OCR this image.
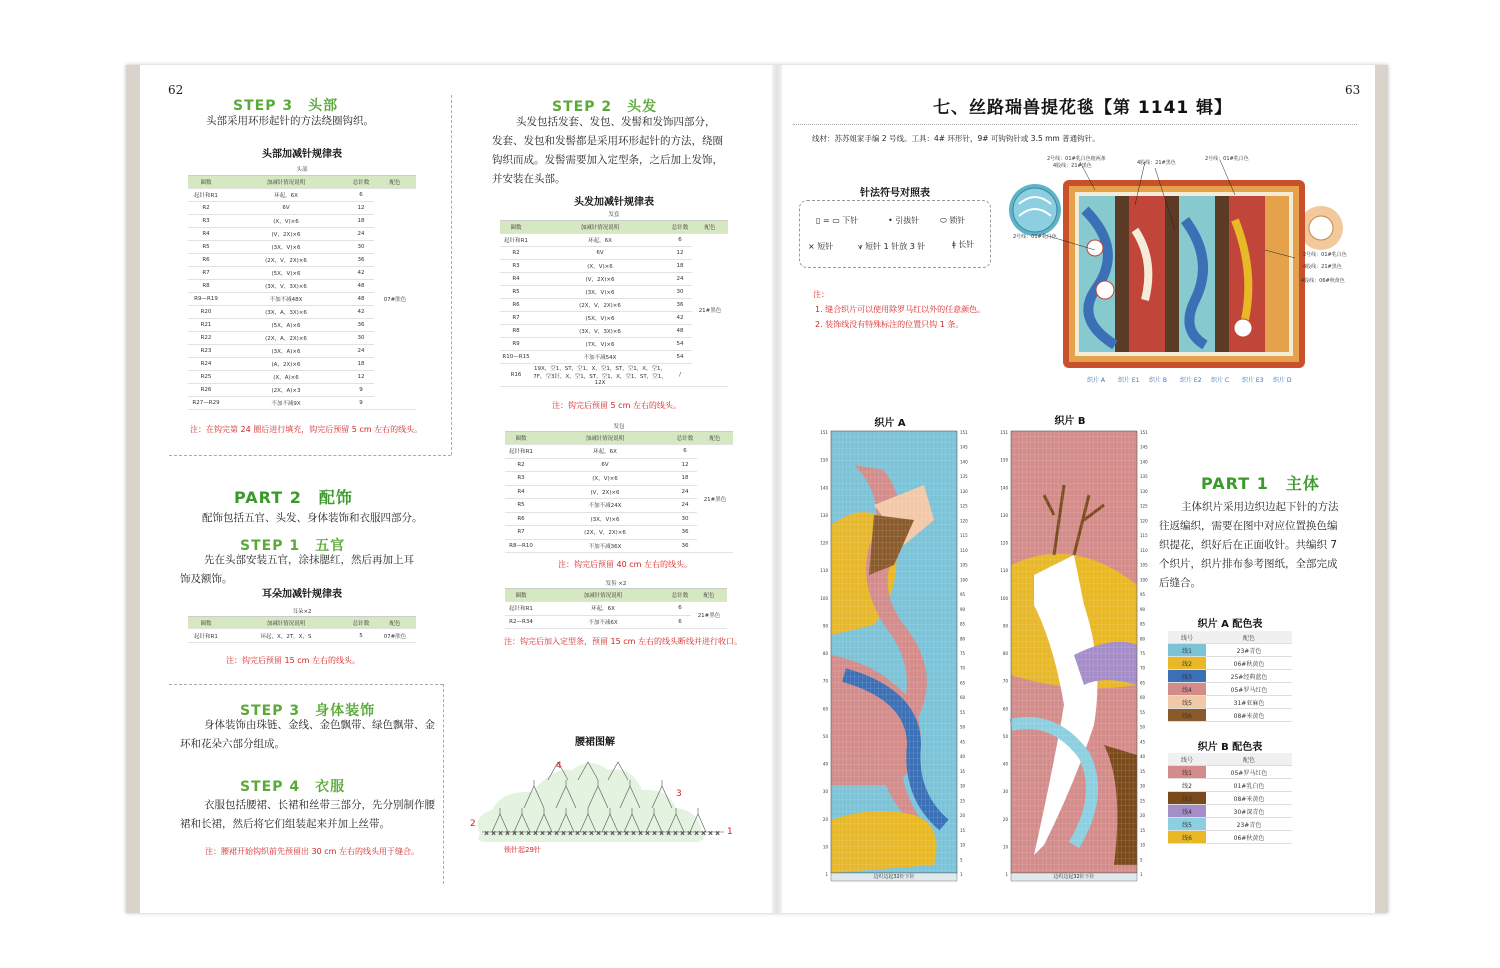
62
STEP 3　头部
头部采用环形起针的方法绕圈钩织。
头部加减针规律表
头部			
圈数	加减针情况说明	总针数	配色
起针和R1	环起，6X	6	07#肤色
R2	6V	12	
R3	(X，V)×6	18	
R4	(V，2X)×6	24	
R5	(3X，V)×6	30	
R6	(2X，V，2X)×6	36	
R7	(5X，V)×6	42	
R8	(3X，V，3X)×6	48	
R9—R19	不加不减48X	48	
R20	(3X，A，3X)×6	42	
R21	(5X，A)×6	36	
R22	(2X，A，2X)×6	30	
R23	(3X，A)×6	24	
R24	(A，2X)×6	18	
R25	(X，A)×6	12	
R26	(2X，A)×3	9	
R27—R29	不加不减9X	9	
注：在钩完第 24 圈后进行填充，钩完后预留 5 cm 左右的线头。
PART 2　配饰
配饰包括五官、头发、身体装饰和衣服四部分。
STEP 1　五官
先在头部安装五官，涂抹腮红，然后再加上耳饰及额饰。
耳朵加减针规律表
耳朵×2			
圈数	加减针情况说明	总针数	配色
起针和R1	环起，X，2T，X，S	5	07#肤色
注：钩完后预留 15 cm 左右的线头。
STEP 3　身体装饰
身体装饰由珠链、金线、金色飘带、绿色飘带、金环和花朵六部分组成。
STEP 4　衣服
衣服包括腰裙、长裙和丝带三部分，先分别制作腰裙和长裙，然后将它们组装起来并加上丝带。
注：腰裙开始钩织前先预留出 30 cm 左右的线头用于缝合。
STEP 2　头发
头发包括发套、发包、发髻和发饰四部分，发套、发包和发髻都是采用环形起针的方法，绕圈钩织而成。发髻需要加入定型条，之后加上发饰，并安装在头部。
头发加减针规律表
发套			
圈数	加减针情况说明	总针数	配色
起针和R1	环起，6X	6	21#黑色
R2	6V	12	
R3	(X，V)×6	18	
R4	(V，2X)×6	24	
R5	(3X，V)×6	30	
R6	(2X，V，2X)×6	36	
R7	(5X，V)×6	42	
R8	(3X，V，3X)×6	48	
R9	(7X，V)×6	54	
R10—R15	不加不减54X	54	
R16	19X，空1，ST，空1，X，空1，ST，空1，X，空1，7F，空3针，X，空1，ST，空1，X，空1，ST，空1，12X	/	
注：钩完后预留 5 cm 左右的线头。
发包			
圈数	加减针情况说明	总针数	配色
起针和R1	环起，6X	6	21#黑色
R2	6V	12	
R3	(X，V)×6	18	
R4	(V，2X)×6	24	
R5	不加不减24X	24	
R6	(3X，V)×6	30	
R7	(2X，V，2X)×6	36	
R8—R10	不加不减36X	36	
注：钩完后预留 40 cm 左右的线头。
发髻 ×2			
圈数	加减针情况说明	总针数	配色
起针和R1	环起，6X	6	21#黑色
R2—R34	不加不减6X	6	
注：钩完后加入定型条，预留 15 cm 左右的线头断线并进行收口。
腰裙图解
× × × × × × × × × × × × × × × × × × × × × × × × × × × × × × × × × ×
2
1
3
4
锁针起29针
63
七、丝路瑞兽提花毯【第 1141 辑】
线材：苏苏姐家手编 2 号线。工具：4# 环形针，9# 可钩钩针或 3.5 mm 普通钩针。
针法符号对照表
▯ = ▭ 下针	• 引拔针	⬭ 锁针
× 短针	⩛ 短针 1 针放 3 针	ǂ 长针
注：
1. 缝合织片可以使用除罗马红以外的任意颜色。
2. 装饰线没有特殊标注的位置只钩 1 条。
2号线：01#乳白色粗两条
4股线：21#黑色	4股线：21#黑色
2号线：01#乳白色
2号线：01#乳白色
2号线：01#乳白色
4股线：06#秋黄色
4股线：21#黑色
织片 A 织片 E1 织片 B 织片 E2 织片 C 织片 E3 织片 D
织片 A	织片 B
151
150
140
130
120
110
100
90
80
70
60
50
40
30
20
10
1
151
145
140
135
130
125
120
115
110
105
100
95
90
85
80
75
70
65
60
55
50
45
40
35
30
25
20
15
10
5
1
151
150
140
130
120
110
100
90
80
70
60
50
40
30
20
10
1
151
145
140
135
130
125
120
115
110
105
100
95
90
85
80
75
70
65
60
55
50
45
40
35
30
25
20
15
10
5
1
边织边起32针下针	边织边起32针下针
PART 1　主体
主体织片采用边织边起下针的方法往返编织，需要在图中对应位置换色编织提花，织好后在正面收针。共编织 7 个织片，织片排布参考图纸，全部完成后缝合。
织片 A 配色表
线号	配色
线1	23#青色
线2	06#秋黄色
线3	25#经典蓝色
线4	05#罗马红色
线5	31#亚麻色
线6	08#米黄色
织片 B 配色表
线号	配色
线1	05#罗马红色
线2	01#乳白色
线3	08#米黄色
线4	30#深青色
线5	23#青色
线6	06#秋黄色
